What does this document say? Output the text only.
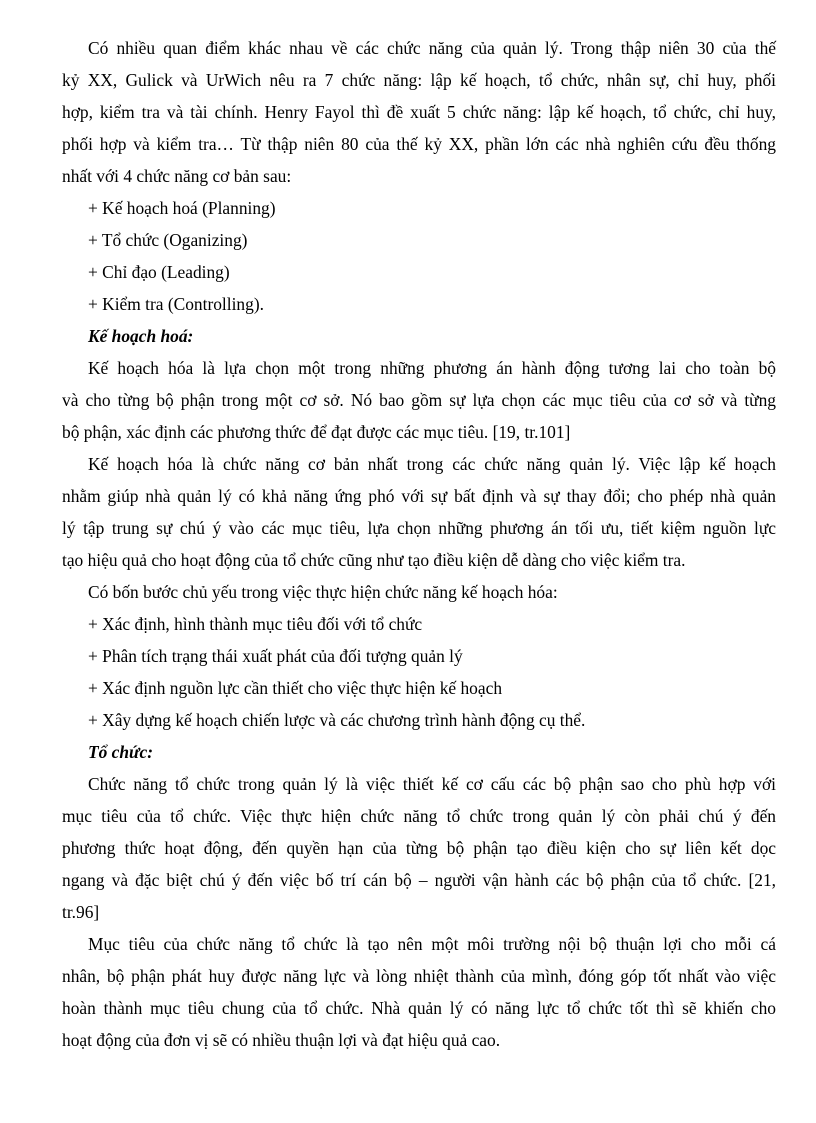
Có nhiều quan điểm khác nhau về các chức năng của quản lý. Trong thập niên 30 của thế
kỷ XX, Gulick và UrWich nêu ra 7 chức năng: lập kế hoạch, tổ chức, nhân sự, chỉ huy, phối
hợp, kiểm tra và tài chính. Henry Fayol thì đề xuất 5 chức năng: lập kế hoạch, tổ chức, chỉ huy,
phối hợp và kiểm tra… Từ thập niên 80 của thế kỷ XX, phần lớn các nhà nghiên cứu đều thống
nhất với 4 chức năng cơ bản sau:
+ Kế hoạch hoá (Planning)
+ Tổ chức (Oganizing)
+ Chỉ đạo (Leading)
+ Kiểm tra (Controlling).
Kế hoạch hoá:
Kế hoạch hóa là lựa chọn một trong những phương án hành động tương lai cho toàn bộ
và cho từng bộ phận trong một cơ sở. Nó bao gồm sự lựa chọn các mục tiêu của cơ sở và từng
bộ phận, xác định các phương thức để đạt được các mục tiêu. [19, tr.101]
Kế hoạch hóa là chức năng cơ bản nhất trong các chức năng quản lý. Việc lập kế hoạch
nhằm giúp nhà quản lý có khả năng ứng phó với sự bất định và sự thay đổi; cho phép nhà quản
lý tập trung sự chú ý vào các mục tiêu, lựa chọn những phương án tối ưu, tiết kiệm nguồn lực
tạo hiệu quả cho hoạt động của tổ chức cũng như tạo điều kiện dễ dàng cho việc kiểm tra.
Có bốn bước chủ yếu trong việc thực hiện chức năng kế hoạch hóa:
+ Xác định, hình thành mục tiêu đối với tổ chức
+ Phân tích trạng thái xuất phát của đối tượng quản lý
+ Xác định nguồn lực cần thiết cho việc thực hiện kế hoạch
+ Xây dựng kế hoạch chiến lược và các chương trình hành động cụ thể.
Tổ chức:
Chức năng tổ chức trong quản lý là việc thiết kế cơ cấu các bộ phận sao cho phù hợp với
mục tiêu của tổ chức. Việc thực hiện chức năng tổ chức trong quản lý còn phải chú ý đến
phương thức hoạt động, đến quyền hạn của từng bộ phận tạo điều kiện cho sự liên kết dọc
ngang và đặc biệt chú ý đến việc bố trí cán bộ – người vận hành các bộ phận của tổ chức. [21,
tr.96]
Mục tiêu của chức năng tổ chức là tạo nên một môi trường nội bộ thuận lợi cho mỗi cá
nhân, bộ phận phát huy được năng lực và lòng nhiệt thành của mình, đóng góp tốt nhất vào việc
hoàn thành mục tiêu chung của tổ chức. Nhà quản lý có năng lực tổ chức tốt thì sẽ khiến cho
hoạt động của đơn vị sẽ có nhiều thuận lợi và đạt hiệu quả cao.
